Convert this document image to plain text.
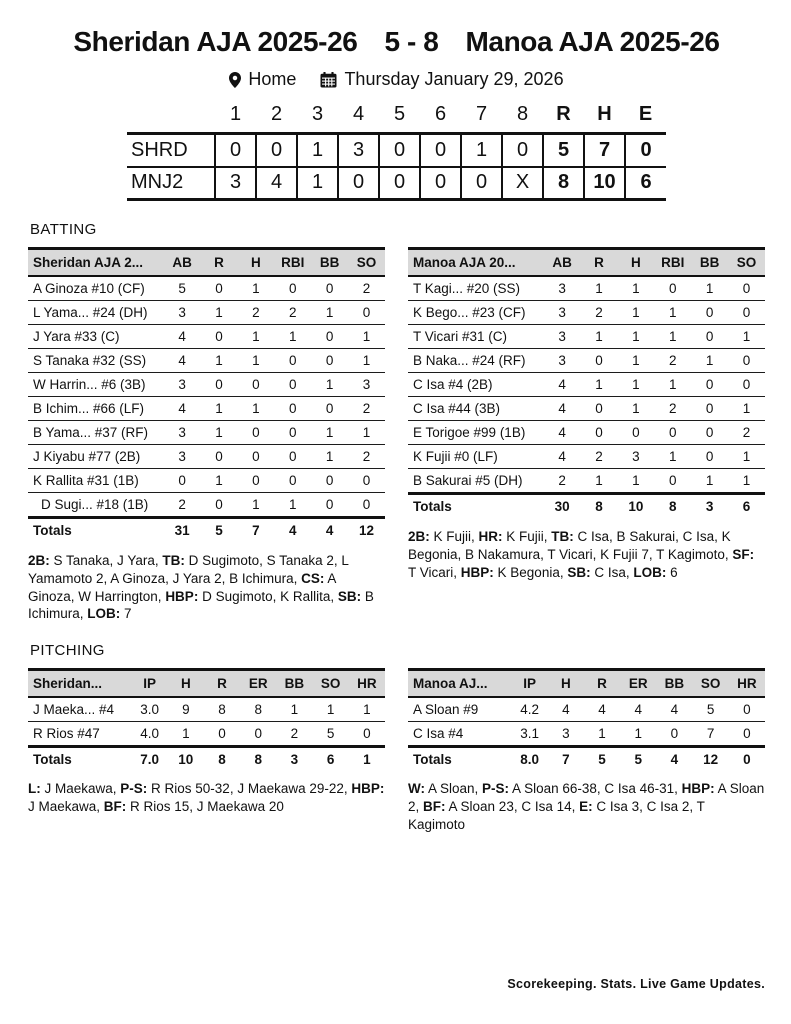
Sheridan AJA 2025-26 5 - 8 Manoa AJA 2025-26
Home	Thursday January 29, 2026
	1	2	3	4	5	6	7	8	R	H	E
SHRD	0	0	1	3	0	0	1	0	5	7	0
MNJ2	3	4	1	0	0	0	0	X	8	10	6
BATTING
Sheridan AJA 2...	AB	R	H	RBI	BB	SO
A Ginoza #10 (CF)	5	0	1	0	0	2
L Yama... #24 (DH)	3	1	2	2	1	0
J Yara #33 (C)	4	0	1	1	0	1
S Tanaka #32 (SS)	4	1	1	0	0	1
W Harrin... #6 (3B)	3	0	0	0	1	3
B Ichim... #66 (LF)	4	1	1	0	0	2
B Yama... #37 (RF)	3	1	0	0	1	1
J Kiyabu #77 (2B)	3	0	0	0	1	2
K Rallita #31 (1B)	0	1	0	0	0	0
D Sugi... #18 (1B)	2	0	1	1	0	0
Totals	31	5	7	4	4	12

2B: S Tanaka, J Yara, TB: D Sugimoto, S Tanaka 2, L Yamamoto 2, A Ginoza, J Yara 2, B Ichimura, CS: A Ginoza, W Harrington, HBP: D Sugimoto, K Rallita, SB: B Ichimura, LOB: 7

Manoa AJA 20...	AB	R	H	RBI	BB	SO
T Kagi... #20 (SS)	3	1	1	0	1	0
K Bego... #23 (CF)	3	2	1	1	0	0
T Vicari #31 (C)	3	1	1	1	0	1
B Naka... #24 (RF)	3	0	1	2	1	0
C Isa #4 (2B)	4	1	1	1	0	0
C Isa #44 (3B)	4	0	1	2	0	1
E Torigoe #99 (1B)	4	0	0	0	0	2
K Fujii #0 (LF)	4	2	3	1	0	1
B Sakurai #5 (DH)	2	1	1	0	1	1
Totals	30	8	10	8	3	6

2B: K Fujii, HR: K Fujii, TB: C Isa, B Sakurai, C Isa, K Begonia, B Nakamura, T Vicari, K Fujii 7, T Kagimoto, SF: T Vicari, HBP: K Begonia, SB: C Isa, LOB: 6

PITCHING
Sheridan...	IP	H	R	ER	BB	SO	HR
J Maeka... #4	3.0	9	8	8	1	1	1
R Rios #47	4.0	1	0	0	2	5	0
Totals	7.0	10	8	8	3	6	1

L: J Maekawa, P-S: R Rios 50-32, J Maekawa 29-22, HBP: J Maekawa, BF: R Rios 15, J Maekawa 20

Manoa AJ...	IP	H	R	ER	BB	SO	HR
A Sloan #9	4.2	4	4	4	4	5	0
C Isa #4	3.1	3	1	1	0	7	0
Totals	8.0	7	5	5	4	12	0

W: A Sloan, P-S: A Sloan 66-38, C Isa 46-31, HBP: A Sloan 2, BF: A Sloan 23, C Isa 14, E: C Isa 3, C Isa 2, T Kagimoto

Scorekeeping. Stats. Live Game Updates.
